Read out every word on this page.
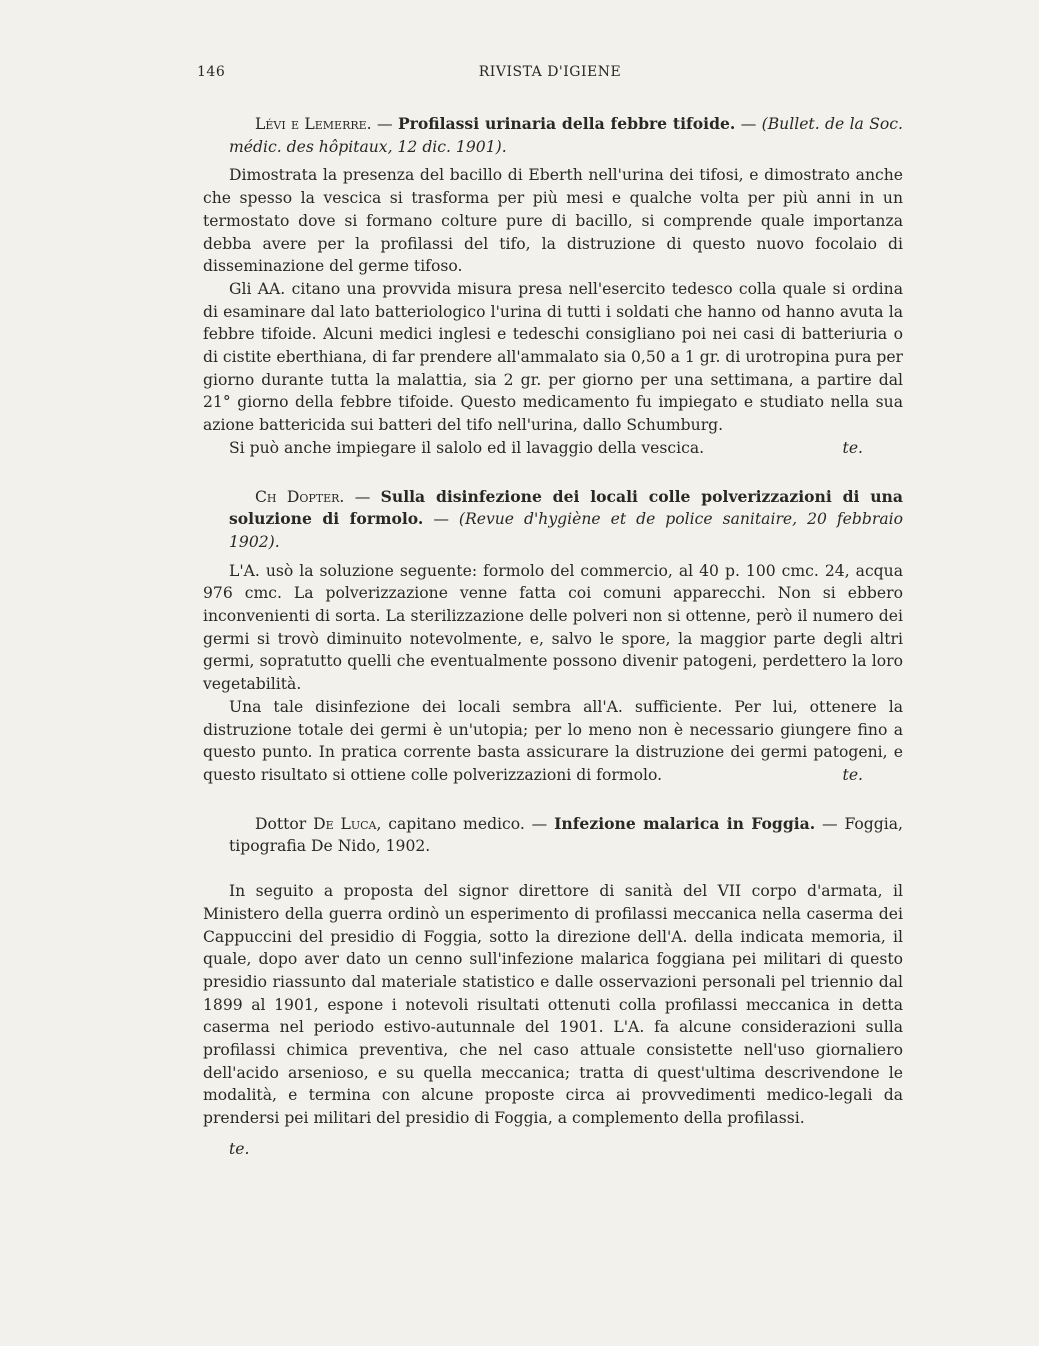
146	RIVISTA D'IGIENE

Lévi e Lemerre. — Profilassi urinaria della febbre tifoide. — (Bullet. de la Soc. médic. des hôpitaux, 12 dic. 1901).

Dimostrata la presenza del bacillo di Eberth nell'urina dei tifosi, e dimostrato anche che spesso la vescica si trasforma per più mesi e qualche volta per più anni in un termostato dove si formano colture pure di bacillo, si comprende quale importanza debba avere per la profilassi del tifo, la distruzione di questo nuovo focolaio di disseminazione del germe tifoso.

Gli AA. citano una provvida misura presa nell'esercito tedesco colla quale si ordina di esaminare dal lato batteriologico l'urina di tutti i soldati che hanno od hanno avuta la febbre tifoide. Alcuni medici inglesi e tedeschi consigliano poi nei casi di batteriuria o di cistite eberthiana, di far prendere all'ammalato sia 0,50 a 1 gr. di urotropina pura per giorno durante tutta la malattia, sia 2 gr. per giorno per una settimana, a partire dal 21° giorno della febbre tifoide. Questo medicamento fu impiegato e studiato nella sua azione battericida sui batteri del tifo nell'urina, dallo Schumburg.

Si può anche impiegare il salolo ed il lavaggio della vescica.	te.

Ch Dopter. — Sulla disinfezione dei locali colle polverizzazioni di una soluzione di formolo. — (Revue d'hygiène et de police sanitaire, 20 febbraio 1902).

L'A. usò la soluzione seguente: formolo del commercio, al 40 p. 100 cmc. 24, acqua 976 cmc. La polverizzazione venne fatta coi comuni apparecchi. Non si ebbero inconvenienti di sorta. La sterilizzazione delle polveri non si ottenne, però il numero dei germi si trovò diminuito notevolmente, e, salvo le spore, la maggior parte degli altri germi, sopratutto quelli che eventualmente possono divenir patogeni, perdettero la loro vegetabilità.

Una tale disinfezione dei locali sembra all'A. sufficiente. Per lui, ottenere la distruzione totale dei germi è un'utopia; per lo meno non è necessario giungere fino a questo punto. In pratica corrente basta assicurare la distruzione dei germi patogeni, e questo risultato si ottiene colle polverizzazioni di formolo.	te.

Dottor De Luca, capitano medico. — Infezione malarica in Foggia. — Foggia, tipografia De Nido, 1902.

In seguito a proposta del signor direttore di sanità del VII corpo d'armata, il Ministero della guerra ordinò un esperimento di profilassi meccanica nella caserma dei Cappuccini del presidio di Foggia, sotto la direzione dell'A. della indicata memoria, il quale, dopo aver dato un cenno sull'infezione malarica foggiana pei militari di questo presidio riassunto dal materiale statistico e dalle osservazioni personali pel triennio dal 1899 al 1901, espone i notevoli risultati ottenuti colla profilassi meccanica in detta caserma nel periodo estivo-autunnale del 1901. L'A. fa alcune considerazioni sulla profilassi chimica preventiva, che nel caso attuale consistette nell'uso giornaliero dell'acido arsenioso, e su quella meccanica; tratta di quest'ultima descrivendone le modalità, e termina con alcune proposte circa ai provvedimenti medico-legali da prendersi pei militari del presidio di Foggia, a complemento della profilassi.

te.
